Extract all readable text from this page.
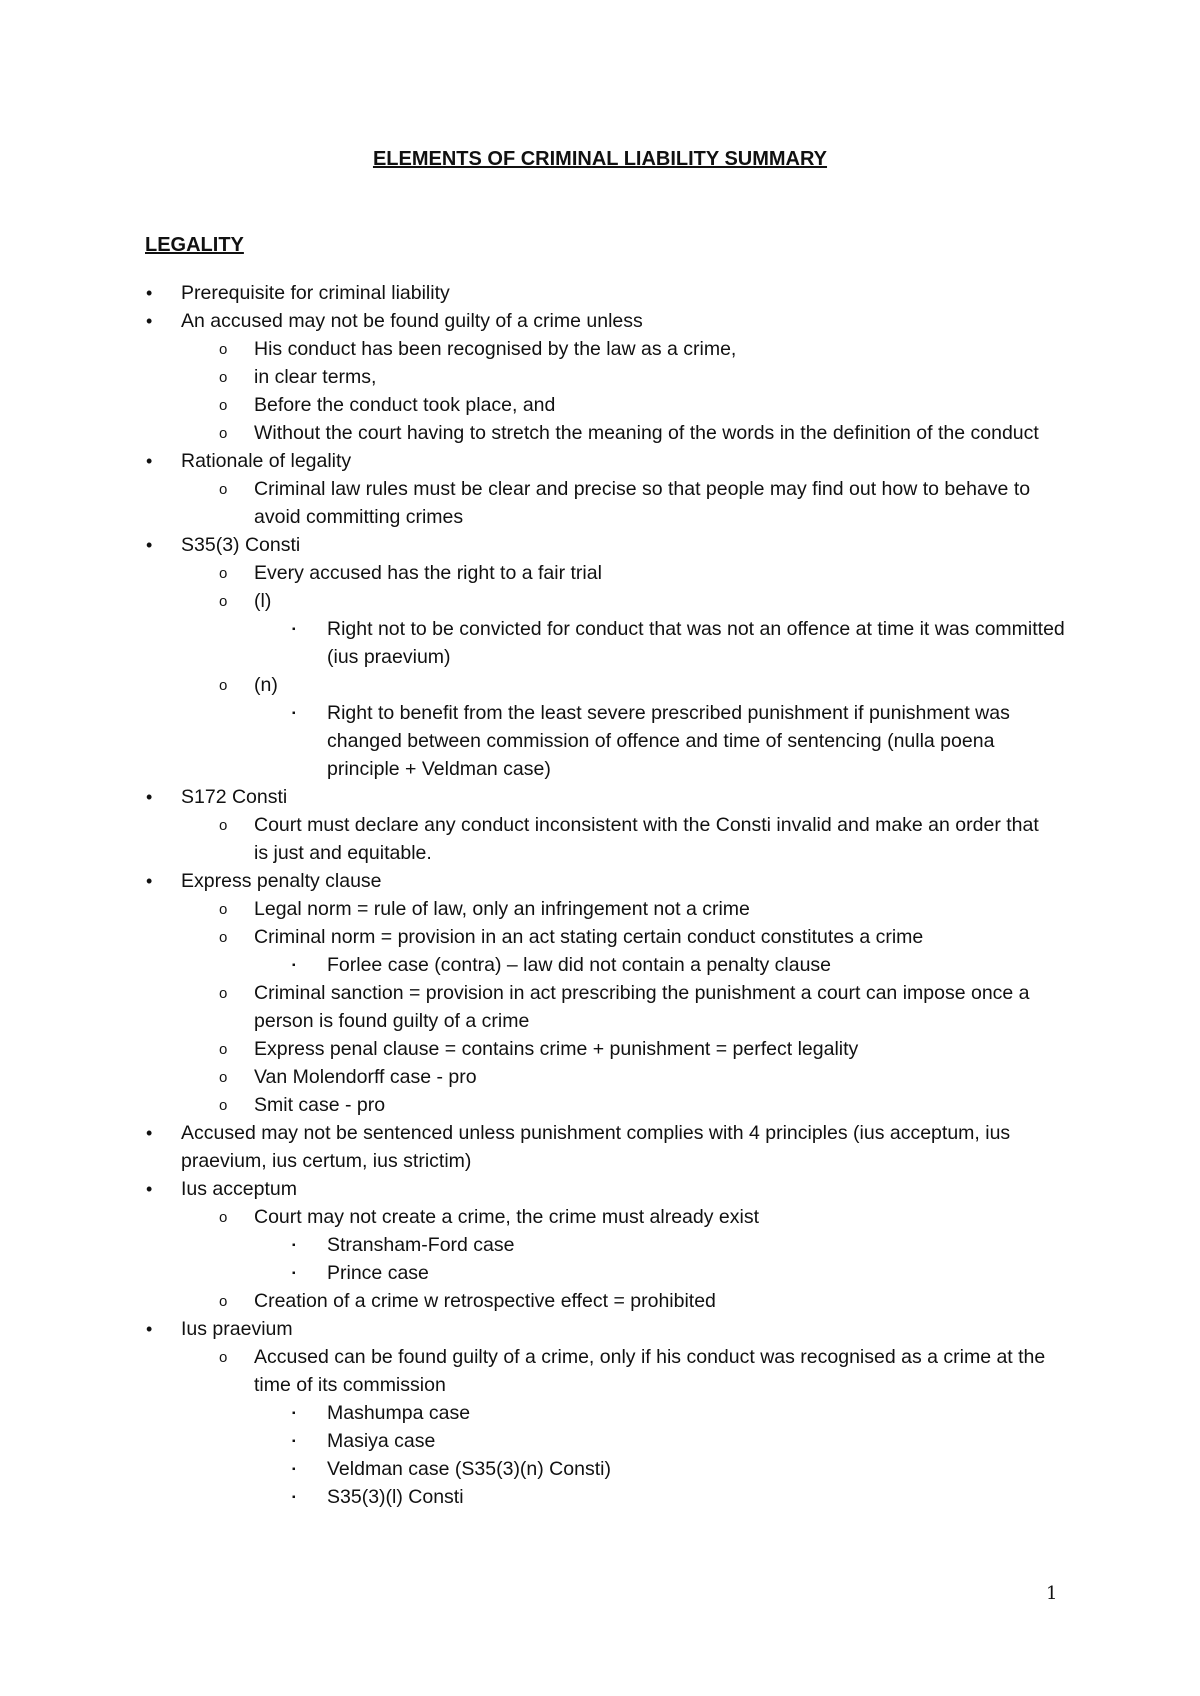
ELEMENTS OF CRIMINAL LIABILITY SUMMARY
LEGALITY
• Prerequisite for criminal liability
• An accused may not be found guilty of a crime unless
o His conduct has been recognised by the law as a crime,
o in clear terms,
o Before the conduct took place, and
o Without the court having to stretch the meaning of the words in the definition of the conduct
• Rationale of legality
o Criminal law rules must be clear and precise so that people may find out how to behave to avoid committing crimes
• S35(3) Consti
o Every accused has the right to a fair trial
o (l)
▪ Right not to be convicted for conduct that was not an offence at time it was committed (ius praevium)
o (n)
▪ Right to benefit from the least severe prescribed punishment if punishment was changed between commission of offence and time of sentencing (nulla poena principle + Veldman case)
• S172 Consti
o Court must declare any conduct inconsistent with the Consti invalid and make an order that is just and equitable.
• Express penalty clause
o Legal norm = rule of law, only an infringement not a crime
o Criminal norm = provision in an act stating certain conduct constitutes a crime
▪ Forlee case (contra) – law did not contain a penalty clause
o Criminal sanction = provision in act prescribing the punishment a court can impose once a person is found guilty of a crime
o Express penal clause = contains crime + punishment = perfect legality
o Van Molendorff case - pro
o Smit case - pro
• Accused may not be sentenced unless punishment complies with 4 principles (ius acceptum, ius praevium, ius certum, ius strictim)
• Ius acceptum
o Court may not create a crime, the crime must already exist
▪ Stransham-Ford case
▪ Prince case
o Creation of a crime w retrospective effect = prohibited
• Ius praevium
o Accused can be found guilty of a crime, only if his conduct was recognised as a crime at the time of its commission
▪ Mashumpa case
▪ Masiya case
▪ Veldman case (S35(3)(n) Consti)
▪ S35(3)(l) Consti
1
